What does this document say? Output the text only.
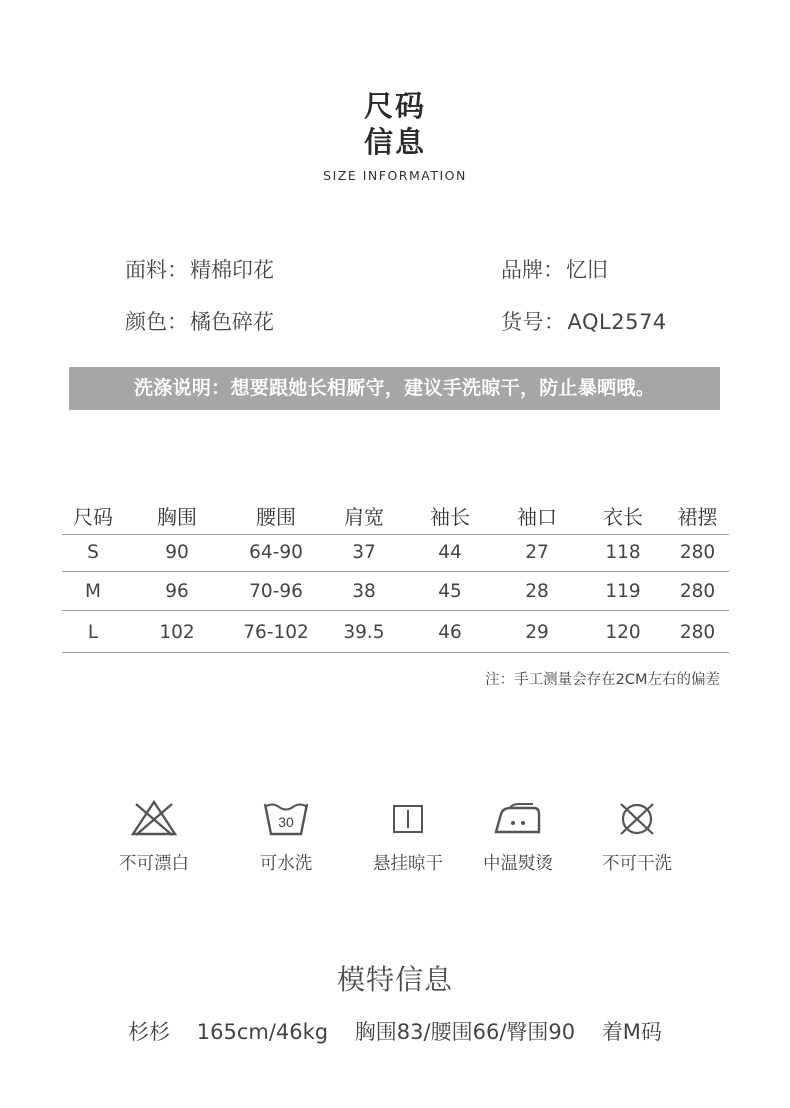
尺码
信息
SIZE INFORMATION
面料：精棉印花	品牌：忆旧
颜色：橘色碎花	货号：AQL2574
洗涤说明：想要跟她长相厮守，建议手洗晾干，防止暴晒哦。
尺码	胸围	腰围	肩宽	袖长	袖口	衣长	裙摆
S	90	64-90	37	44	27	118	280
M	96	70-96	38	45	28	119	280
L	102	76-102	39.5	46	29	120	280
注：手工测量会存在2CM左右的偏差
不可漂白
30
可水洗	悬挂晾干	中温熨烫	不可干洗
模特信息
杉杉 165cm/46kg 胸围83/腰围66/臀围90 着M码
